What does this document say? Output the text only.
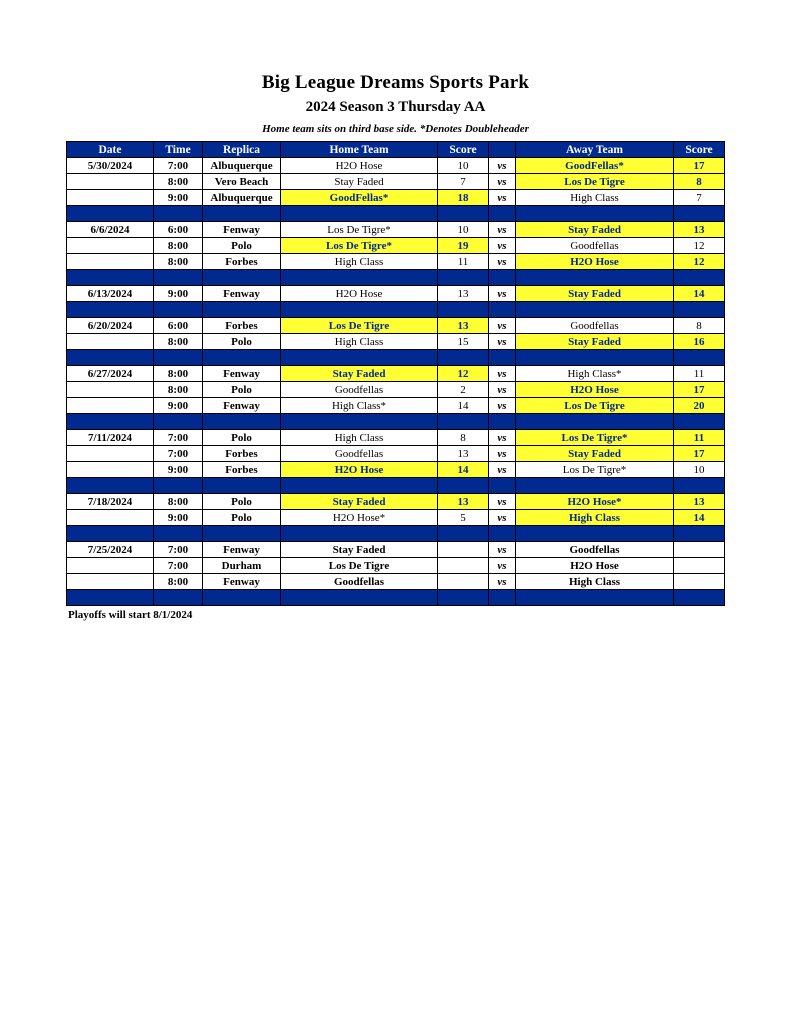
Big League Dreams Sports Park
2024 Season 3 Thursday AA
Home team sits on third base side. *Denotes Doubleheader
Date	Time	Replica	Home Team	Score		Away Team	Score
5/30/2024	7:00	Albuquerque	H2O Hose	10	vs	GoodFellas*	17
	8:00	Vero Beach	Stay Faded	7	vs	Los De Tigre	8
	9:00	Albuquerque	GoodFellas*	18	vs	High Class	7

6/6/2024	6:00	Fenway	Los De Tigre*	10	vs	Stay Faded	13
	8:00	Polo	Los De Tigre*	19	vs	Goodfellas	12
	8:00	Forbes	High Class	11	vs	H2O Hose	12

6/13/2024	9:00	Fenway	H2O Hose	13	vs	Stay Faded	14

6/20/2024	6:00	Forbes	Los De Tigre	13	vs	Goodfellas	8
	8:00	Polo	High Class	15	vs	Stay Faded	16

6/27/2024	8:00	Fenway	Stay Faded	12	vs	High Class*	11
	8:00	Polo	Goodfellas	2	vs	H2O Hose	17
	9:00	Fenway	High Class*	14	vs	Los De Tigre	20

7/11/2024	7:00	Polo	High Class	8	vs	Los De Tigre*	11
	7:00	Forbes	Goodfellas	13	vs	Stay Faded	17
	9:00	Forbes	H2O Hose	14	vs	Los De Tigre*	10

7/18/2024	8:00	Polo	Stay Faded	13	vs	H2O Hose*	13
	9:00	Polo	H2O Hose*	5	vs	High Class	14

7/25/2024	7:00	Fenway	Stay Faded		vs	Goodfellas	
	7:00	Durham	Los De Tigre		vs	H2O Hose	
	8:00	Fenway	Goodfellas		vs	High Class	

Playoffs will start 8/1/2024
